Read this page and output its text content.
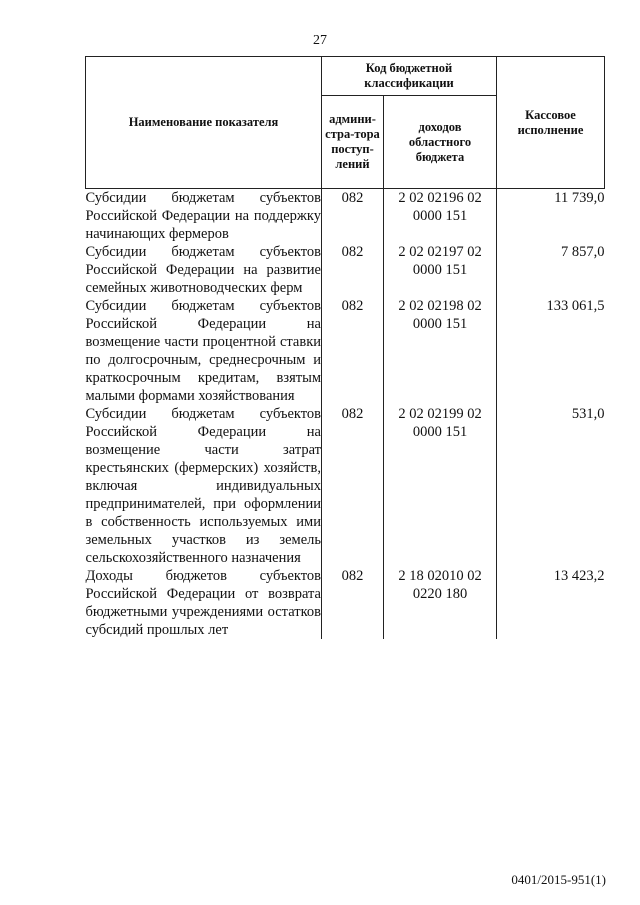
27
Наименование показателя	Код бюджетной классификации		Кассовое исполнение
	админи-стра-тора поступ-лений	доходов областного бюджета	
Субсидии бюджетам субъектов Российской Федерации на поддержку начинающих фермеров	082	2 02 02196 02 0000 151	11 739,0
Субсидии бюджетам субъектов Российской Федерации на развитие семейных животноводческих ферм	082	2 02 02197 02 0000 151	7 857,0
Субсидии бюджетам субъектов Российской Федерации на возмещение части процентной ставки по долгосрочным, среднесрочным и краткосрочным кредитам, взятым малыми формами хозяйствования	082	2 02 02198 02 0000 151	133 061,5
Субсидии бюджетам субъектов Российской Федерации на возмещение части затрат крестьянских (фермерских) хозяйств, включая индивидуальных предпринимателей, при оформлении в собственность используемых ими земельных участков из земель сельскохозяйственного назначения	082	2 02 02199 02 0000 151	531,0
Доходы бюджетов субъектов Российской Федерации от возврата бюджетными учреждениями остатков субсидий прошлых лет	082	2 18 02010 02 0220 180	13 423,2
0401/2015-951(1)
